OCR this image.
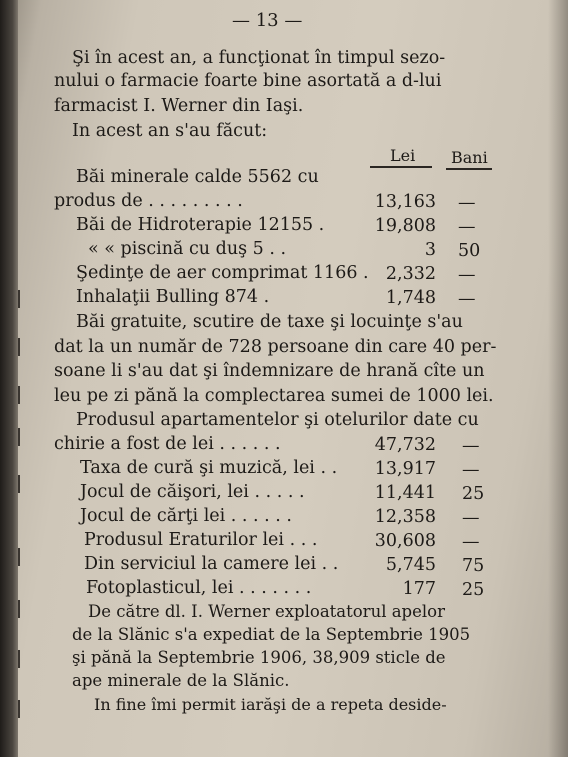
— 13 —
Şi în acest an, a funcţionat în timpul sezo-
nului o farmacie foarte bine asortată a d-lui
farmacist I. Werner din Iaşi.
In acest an s'au făcut:
Lei Bani
Băi minerale calde 5562 cu
produs de . . . . . . . . .	13,163 —
Băi de Hidroterapie 12155 .	19,808 —
« « piscină cu duş 5 . .	3 50
Şedinţe de aer comprimat 1166 . 2,332 —
Inhalaţii Bulling 874 .	1,748 —
Băi gratuite, scutire de taxe şi locuinţe s'au
dat la un număr de 728 persoane din care 40 per-
soane li s'au dat şi îndemnizare de hrană cîte un
leu pe zi pănă la complectarea sumei de 1000 lei.
Produsul apartamentelor şi otelurilor date cu
chirie a fost de lei . . . . . .	47,732 —
Taxa de cură şi muzică, lei . .	13,917 —
Jocul de căişori, lei . . . . .	11,441 25
Jocul de cărţi lei . . . . . .	12,358 —
Produsul Eraturilor lei . . .	30,608 —
Din serviciul la camere lei . .	5,745 75
Fotoplasticul, lei . . . . . . .	177 25
De către dl. I. Werner exploatatorul apelor
de la Slănic s'a expediat de la Septembrie 1905
şi pănă la Septembrie 1906, 38,909 sticle de
ape minerale de la Slănic.
In fine îmi permit iarăşi de a repeta deside-
